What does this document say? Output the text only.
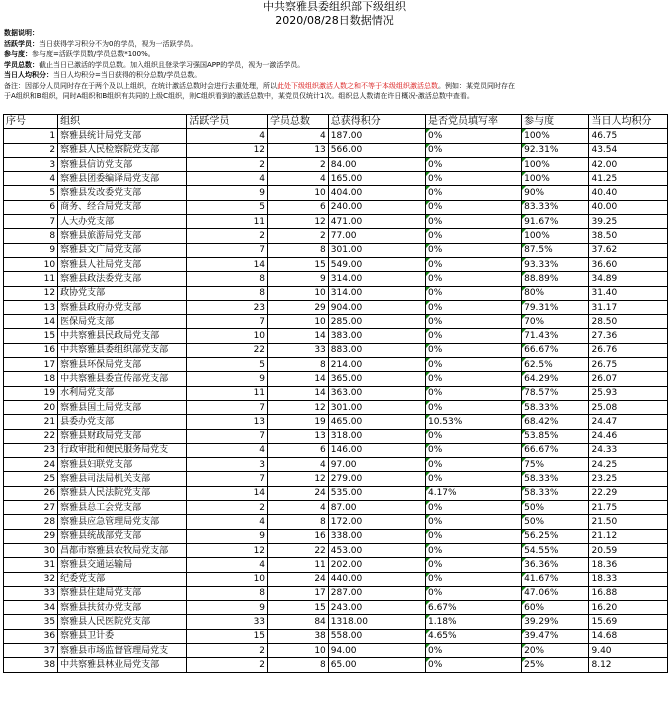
中共察雅县委组织部下级组织
2020/08/28日数据情况
数据说明：
活跃学员：当日获得学习积分不为0的学员，视为一活跃学员。
参与度：参与度=活跃学员数/学员总数*100%。
学员总数：截止当日已激活的学员总数。加入组织且登录学习强国APP的学员，视为一激活学员。
当日人均积分：当日人均积分=当日获得的积分总数/学员总数。
备注：因部分人员同时存在于两个及以上组织，在统计激活总数时会进行去重处理，所以此处下级组织激活人数之和不等于本级组织激活总数。例如：某党员同时存在
于A组织和B组织，同时A组织和B组织有共同的上级C组织，则C组织看到的激活总数中，某党员仅统计1次。组织总人数请在许日概况-激活总数中查看。
序号	组织	活跃学员	学员总数	总获得积分	是否党员填写率	参与度	当日人均积分
1	察雅县统计局党支部	4	4	187.00	0%	100%	46.75
2	察雅县人民检察院党支部	12	13	566.00	0%	92.31%	43.54
3	察雅县信访党支部	2	2	84.00	0%	100%	42.00
4	察雅县团委编译局党支部	4	4	165.00	0%	100%	41.25
5	察雅县发改委党支部	9	10	404.00	0%	90%	40.40
6	商务、经合局党支部	5	6	240.00	0%	83.33%	40.00
7	人大办党支部	11	12	471.00	0%	91.67%	39.25
8	察雅县旅游局党支部	2	2	77.00	0%	100%	38.50
9	察雅县文广局党支部	7	8	301.00	0%	87.5%	37.62
10	察雅县人社局党支部	14	15	549.00	0%	93.33%	36.60
11	察雅县政法委党支部	8	9	314.00	0%	88.89%	34.89
12	政协党支部	8	10	314.00	0%	80%	31.40
13	察雅县政府办党支部	23	29	904.00	0%	79.31%	31.17
14	医保局党支部	7	10	285.00	0%	70%	28.50
15	中共察雅县民政局党支部	10	14	383.00	0%	71.43%	27.36
16	中共察雅县委组织部党支部	22	33	883.00	0%	66.67%	26.76
17	察雅县环保局党支部	5	8	214.00	0%	62.5%	26.75
18	中共察雅县委宣传部党支部	9	14	365.00	0%	64.29%	26.07
19	水利局党支部	11	14	363.00	0%	78.57%	25.93
20	察雅县国土局党支部	7	12	301.00	0%	58.33%	25.08
21	县委办党支部	13	19	465.00	10.53%	68.42%	24.47
22	察雅县财政局党支部	7	13	318.00	0%	53.85%	24.46
23	行政审批和便民服务局党支	4	6	146.00	0%	66.67%	24.33
24	察雅县妇联党支部	3	4	97.00	0%	75%	24.25
25	察雅县司法局机关支部	7	12	279.00	0%	58.33%	23.25
26	察雅县人民法院党支部	14	24	535.00	4.17%	58.33%	22.29
27	察雅县总工会党支部	2	4	87.00	0%	50%	21.75
28	察雅县应急管理局党支部	4	8	172.00	0%	50%	21.50
29	察雅县统战部党支部	9	16	338.00	0%	56.25%	21.12
30	昌都市察雅县农牧局党支部	12	22	453.00	0%	54.55%	20.59
31	察雅县交通运输局	4	11	202.00	0%	36.36%	18.36
32	纪委党支部	10	24	440.00	0%	41.67%	18.33
33	察雅县住建局党支部	8	17	287.00	0%	47.06%	16.88
34	察雅县扶贫办党支部	9	15	243.00	6.67%	60%	16.20
35	察雅县人民医院党支部	33	84	1318.00	1.18%	39.29%	15.69
36	察雅县卫计委	15	38	558.00	4.65%	39.47%	14.68
37	察雅县市场监督管理局党支	2	10	94.00	0%	20%	9.40
38	中共察雅县林业局党支部	2	8	65.00	0%	25%	8.12
